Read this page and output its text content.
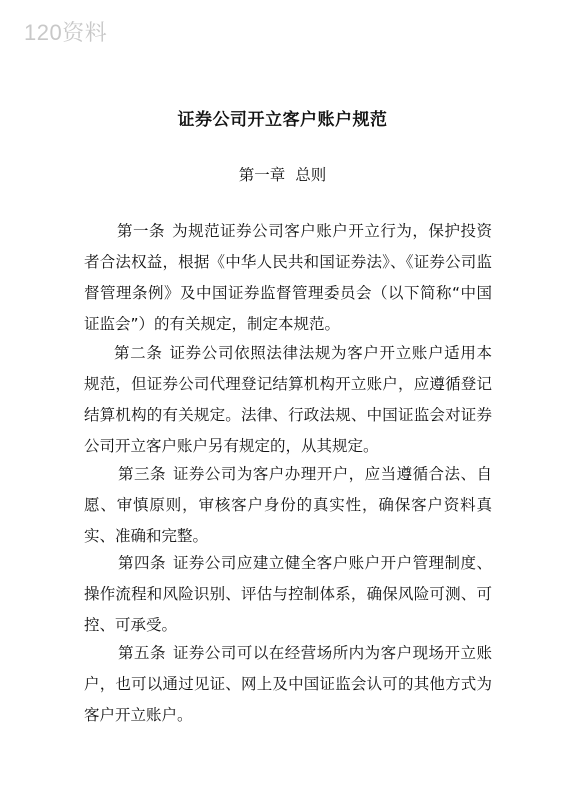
120资料
证券公司开立客户账户规范
第一章 总则

第一条 为规范证券公司客户账户开立行为，保护投资者合法权益，根据《中华人民共和国证券法》、《证券公司监督管理条例》及中国证券监督管理委员会（以下简称“中国证监会”）的有关规定，制定本规范。

第二条 证券公司依照法律法规为客户开立账户适用本规范，但证券公司代理登记结算机构开立账户，应遵循登记结算机构的有关规定。法律、行政法规、中国证监会对证券公司开立客户账户另有规定的，从其规定。

第三条 证券公司为客户办理开户，应当遵循合法、自愿、审慎原则，审核客户身份的真实性，确保客户资料真实、准确和完整。

第四条 证券公司应建立健全客户账户开户管理制度、操作流程和风险识别、评估与控制体系，确保风险可测、可控、可承受。

第五条 证券公司可以在经营场所内为客户现场开立账户，也可以通过见证、网上及中国证监会认可的其他方式为客户开立账户。
